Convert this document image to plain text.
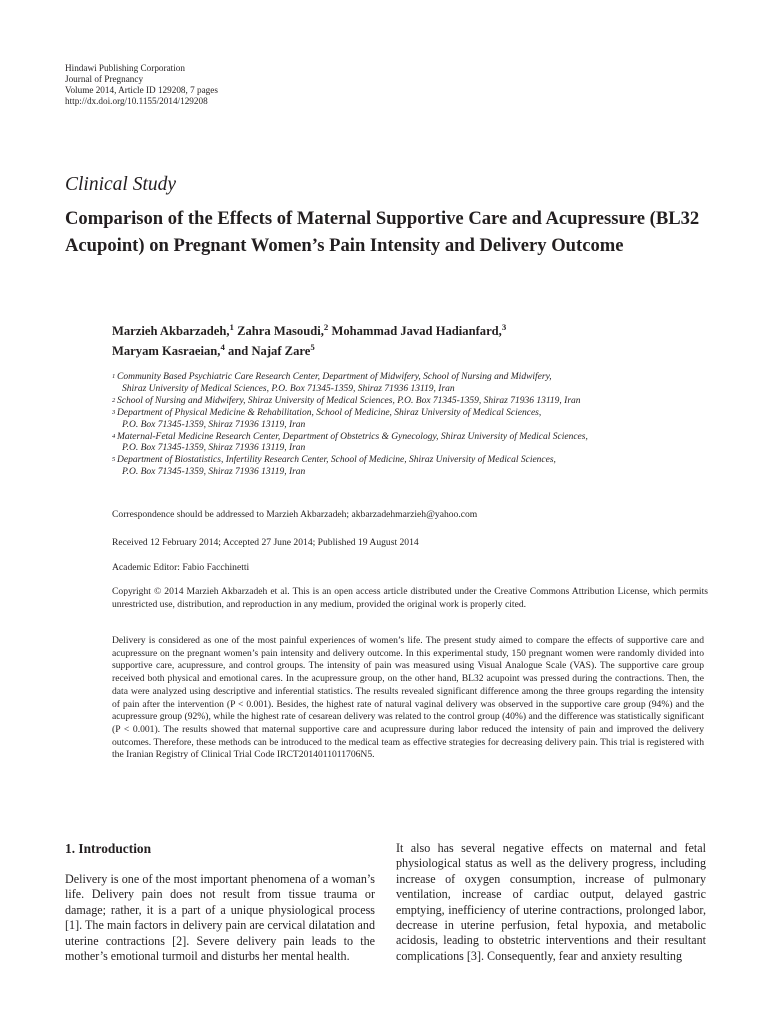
Hindawi Publishing Corporation
Journal of Pregnancy
Volume 2014, Article ID 129208, 7 pages
http://dx.doi.org/10.1155/2014/129208
Clinical Study
Comparison of the Effects of Maternal Supportive Care and Acupressure (BL32 Acupoint) on Pregnant Women’s Pain Intensity and Delivery Outcome
Marzieh Akbarzadeh,$^1$ Zahra Masoudi,$^2$ Mohammad Javad Hadianfard,$^3$
Maryam Kasraeian,$^4$ and Najaf Zare$^5$
1 Community Based Psychiatric Care Research Center, Department of Midwifery, School of Nursing and Midwifery,
Shiraz University of Medical Sciences, P.O. Box 71345-1359, Shiraz 71936 13119, Iran
2 School of Nursing and Midwifery, Shiraz University of Medical Sciences, P.O. Box 71345-1359, Shiraz 71936 13119, Iran
3 Department of Physical Medicine & Rehabilitation, School of Medicine, Shiraz University of Medical Sciences,
P.O. Box 71345-1359, Shiraz 71936 13119, Iran
4 Maternal-Fetal Medicine Research Center, Department of Obstetrics & Gynecology, Shiraz University of Medical Sciences,
P.O. Box 71345-1359, Shiraz 71936 13119, Iran
5 Department of Biostatistics, Infertility Research Center, School of Medicine, Shiraz University of Medical Sciences,
P.O. Box 71345-1359, Shiraz 71936 13119, Iran
Correspondence should be addressed to Marzieh Akbarzadeh; akbarzadehmarzieh@yahoo.com
Received 12 February 2014; Accepted 27 June 2014; Published 19 August 2014
Academic Editor: Fabio Facchinetti
Copyright © 2014 Marzieh Akbarzadeh et al. This is an open access article distributed under the Creative Commons Attribution License, which permits unrestricted use, distribution, and reproduction in any medium, provided the original work is properly cited.
Delivery is considered as one of the most painful experiences of women’s life. The present study aimed to compare the effects of supportive care and acupressure on the pregnant women’s pain intensity and delivery outcome. In this experimental study, 150 pregnant women were randomly divided into supportive care, acupressure, and control groups. The intensity of pain was measured using Visual Analogue Scale (VAS). The supportive care group received both physical and emotional cares. In the acupressure group, on the other hand, BL32 acupoint was pressed during the contractions. Then, the data were analyzed using descriptive and inferential statistics. The results revealed significant difference among the three groups regarding the intensity of pain after the intervention (P < 0.001). Besides, the highest rate of natural vaginal delivery was observed in the supportive care group (94%) and the acupressure group (92%), while the highest rate of cesarean delivery was related to the control group (40%) and the difference was statistically significant (P < 0.001). The results showed that maternal supportive care and acupressure during labor reduced the intensity of pain and improved the delivery outcomes. Therefore, these methods can be introduced to the medical team as effective strategies for decreasing delivery pain. This trial is registered with the Iranian Registry of Clinical Trial Code IRCT2014011011706N5.
1. Introduction
Delivery is one of the most important phenomena of a woman’s life. Delivery pain does not result from tissue trauma or damage; rather, it is a part of a unique physiological process [1]. The main factors in delivery pain are cervical dilatation and uterine contractions [2]. Severe delivery pain leads to the mother’s emotional turmoil and disturbs her mental health.
It also has several negative effects on maternal and fetal physiological status as well as the delivery progress, including increase of oxygen consumption, increase of pulmonary ventilation, increase of cardiac output, delayed gastric emptying, inefficiency of uterine contractions, prolonged labor, decrease in uterine perfusion, fetal hypoxia, and metabolic acidosis, leading to obstetric interventions and their resultant complications [3]. Consequently, fear and anxiety resulting
